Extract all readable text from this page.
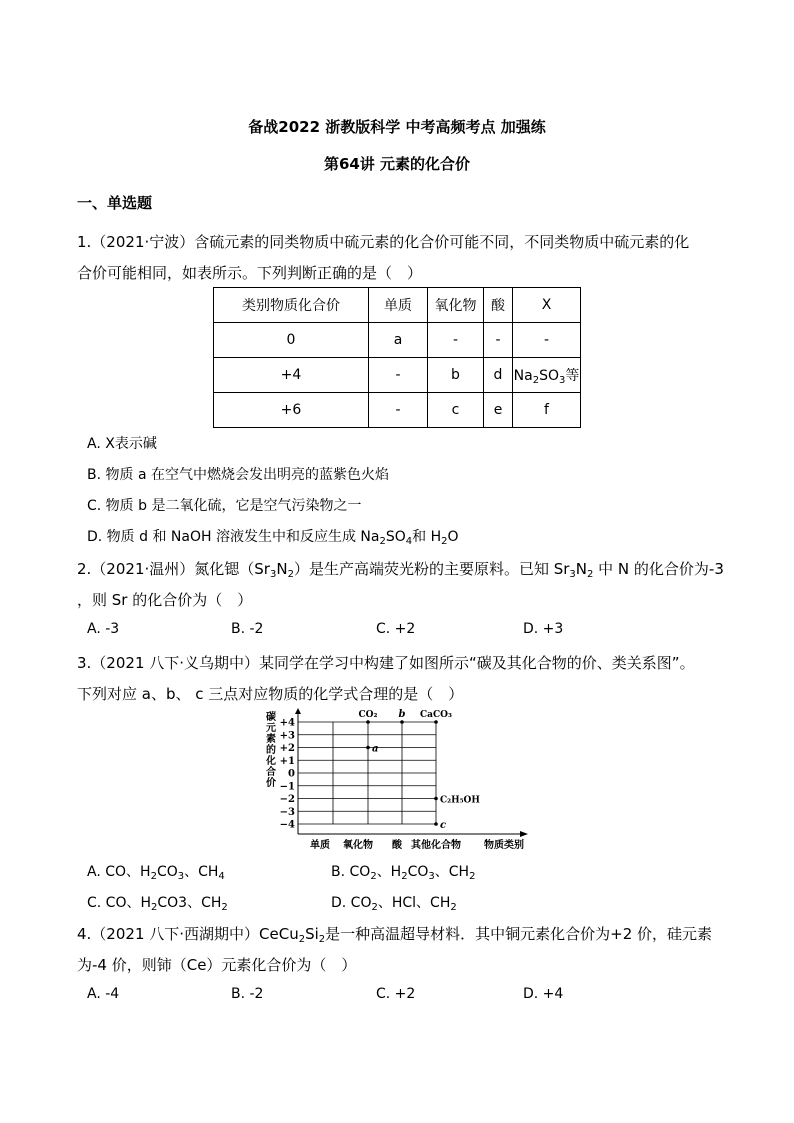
备战2022 浙教版科学 中考高频考点 加强练
第64讲 元素的化合价
一、单选题
1.（2021·宁波）含硫元素的同类物质中硫元素的化合价可能不同，不同类物质中硫元素的化
合价可能相同，如表所示。下列判断正确的是（　）
类别物质化合价	单质	氧化物	酸	X
0	a	-	-	-
+4	-	b	d	$Na_2SO_3$等
+6	-	c	e	f
A. X表示碱
B. 物质 a 在空气中燃烧会发出明亮的蓝紫色火焰
C. 物质 b 是二氧化硫，它是空气污染物之一
D. 物质 d 和 NaOH 溶液发生中和反应生成 $Na_2SO_4$和 $H_2O$
2.（2021·温州）氮化锶$(Sr_3N_2)$是生产高端荧光粉的主要原料。已知 $Sr_3N_2$ 中 N 的化合价为-3
，则 Sr 的化合价为（　）
A. -3	B. -2	C. +2	D. +3
3.（2021 八下·义乌期中）某同学在学习中构建了如图所示“碳及其化合物的价、类关系图”。
下列对应 a、b、 c 三点对应物质的化学式合理的是（　）
碳
元
素
的
化
合
价
+4
+3
+2
+1
0
−1
−2
−3
−4
单质 氧化物 酸 其他化合物 物质类别
CO₂ b CaCO₃
a
C₂H₅OH
c
A. CO、$H_2CO_3$、$CH_4$	B. $CO_2$、$H_2CO_3$、$CH_2$
C. CO、$H_2CO3$、$CH_2$	D. $CO_2$、HCl、$CH_2$
4.（2021 八下·西湖期中）$CeCu_2Si_2$是一种高温超导材料．其中铜元素化合价为+2 价，硅元素
为-4 价，则铈（Ce）元素化合价为（　）
A. -4	B. -2	C. +2	D. +4
